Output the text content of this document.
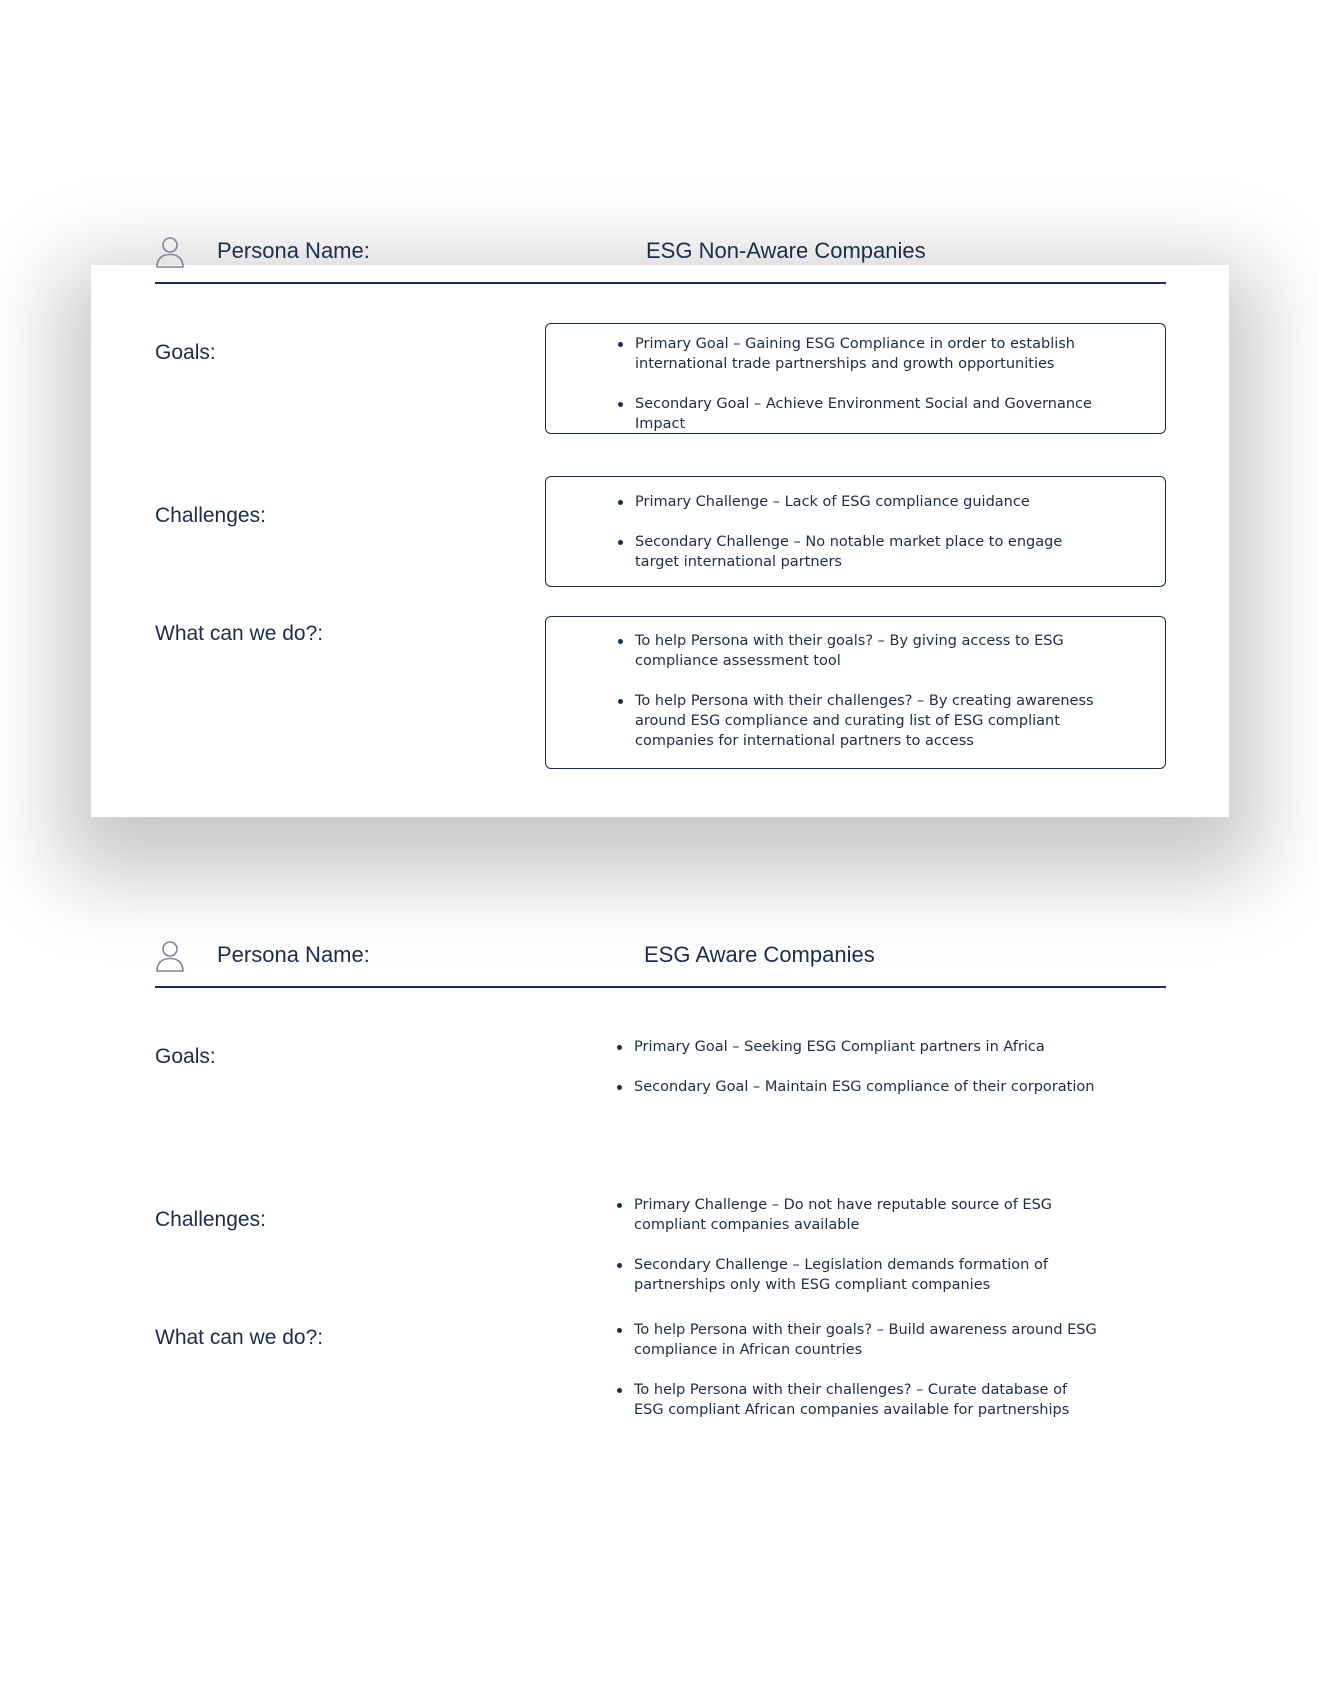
Persona Name:	ESG Non-Aware Companies
Goals:	Primary Goal – Gaining ESG Compliance in order to establish international trade partnerships and growth opportunities
Secondary Goal – Achieve Environment Social and Governance Impact
Challenges:
Primary Challenge – Lack of ESG compliance guidance
Secondary Challenge – No notable market place to engage target international partners
What can we do?:	To help Persona with their goals? – By giving access to ESG compliance assessment tool
To help Persona with their challenges? – By creating awareness around ESG compliance and curating list of ESG compliant companies for international partners to access
Persona Name:	ESG Aware Companies
Goals:	Primary Goal – Seeking ESG Compliant partners in Africa
Secondary Goal – Maintain ESG compliance of their corporation
Challenges:
Primary Challenge – Do not have reputable source of ESG compliant companies available
Secondary Challenge – Legislation demands formation of partnerships only with ESG compliant companies
What can we do?:	To help Persona with their goals? – Build awareness around ESG compliance in African countries
To help Persona with their challenges? – Curate database of ESG compliant African companies available for partnerships
